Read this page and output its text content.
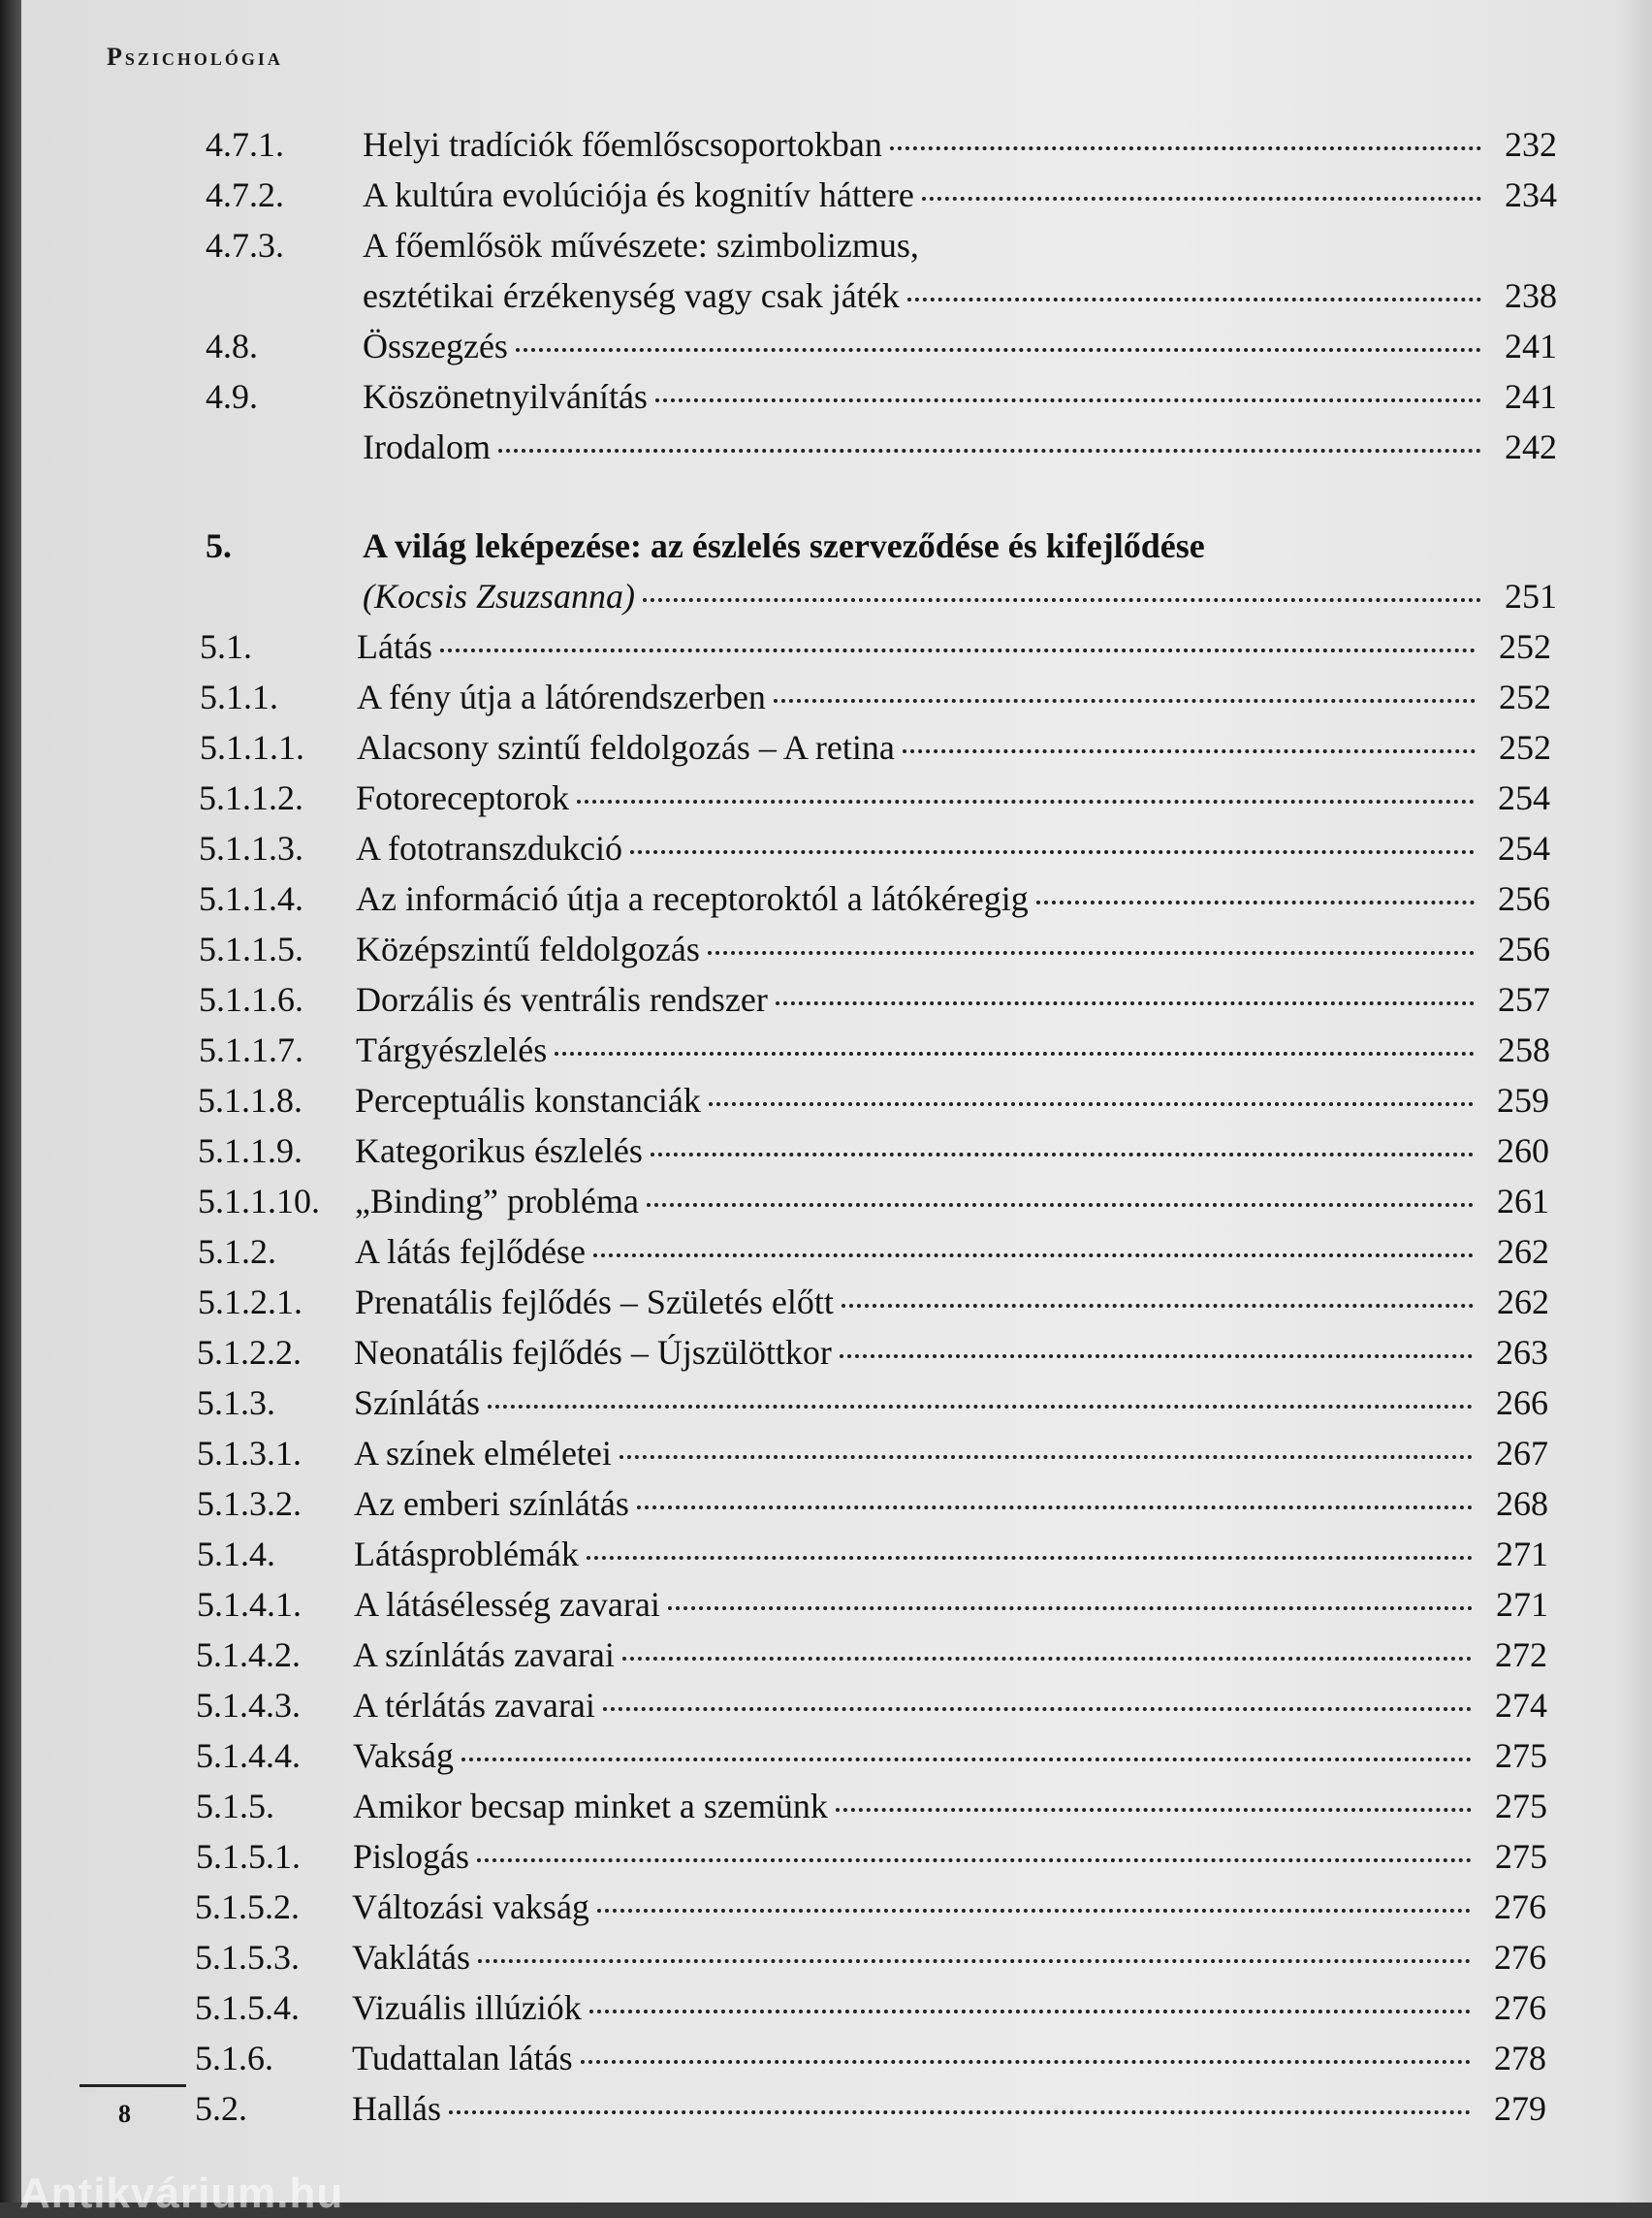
Pszichológia
4.7.1. Helyi tradíciók főemlőscsoportokban	232
4.7.2. A kultúra evolúciója és kognitív háttere	234
4.7.3. A főemlősök művészete: szimbolizmus,
esztétikai érzékenység vagy csak játék	238
4.8.	Összegzés	241
4.9.	Köszönetnyilvánítás	241
Irodalom	242
5.	A világ leképezése: az észlelés szerveződése és kifejlődése
(Kocsis Zsuzsanna)	251
5.1.	Látás	252
5.1.1. A fény útja a látórendszerben	252
5.1.1.1. Alacsony szintű feldolgozás – A retina	252
5.1.1.2. Fotoreceptorok	254
5.1.1.3. A fototranszdukció	254
5.1.1.4. Az információ útja a receptoroktól a látókéregig	256
5.1.1.5. Középszintű feldolgozás	256
5.1.1.6. Dorzális és ventrális rendszer	257
5.1.1.7. Tárgyészlelés	258
5.1.1.8. Perceptuális konstanciák	259
5.1.1.9. Kategorikus észlelés	260
5.1.1.10. „Binding” probléma	261
5.1.2. A látás fejlődése	262
5.1.2.1. Prenatális fejlődés – Születés előtt	262
5.1.2.2. Neonatális fejlődés – Újszülöttkor	263
5.1.3. Színlátás	266
5.1.3.1. A színek elméletei	267
5.1.3.2. Az emberi színlátás	268
5.1.4. Látásproblémák	271
5.1.4.1. A látásélesség zavarai	271
5.1.4.2. A színlátás zavarai	272
5.1.4.3. A térlátás zavarai	274
5.1.4.4. Vakság	275
5.1.5. Amikor becsap minket a szemünk	275
5.1.5.1. Pislogás	275
5.1.5.2. Változási vakság	276
5.1.5.3. Vaklátás	276
5.1.5.4. Vizuális illúziók	276
5.1.6. Tudattalan látás	278
5.2.	Hallás	279
8
Antikvárium.hu
